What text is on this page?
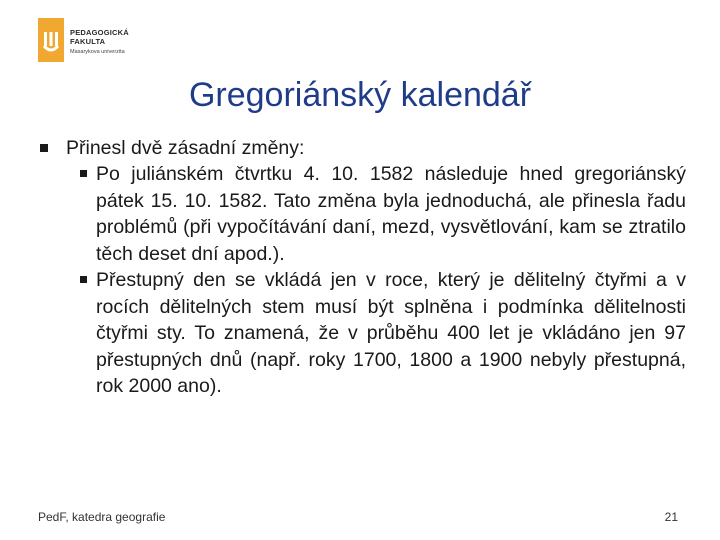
PEDAGOGICKÁ
FAKULTA
Masarykova univerzita
Gregoriánský kalendář
Přinesl dvě zásadní změny:
Po juliánském čtvrtku 4. 10. 1582 následuje hned gregoriánský pátek 15. 10. 1582. Tato změna byla jednoduchá, ale přinesla řadu problémů (při vypočítávání daní, mezd, vysvětlování, kam se ztratilo těch deset dní apod.).
Přestupný den se vkládá jen v roce, který je dělitelný čtyřmi a v rocích dělitelných stem musí být splněna i podmínka dělitelnosti čtyřmi sty. To znamená, že v průběhu 400 let je vkládáno jen 97 přestupných dnů (např. roky 1700, 1800 a 1900 nebyly přestupná, rok 2000 ano).
PedF, katedra geografie	21
